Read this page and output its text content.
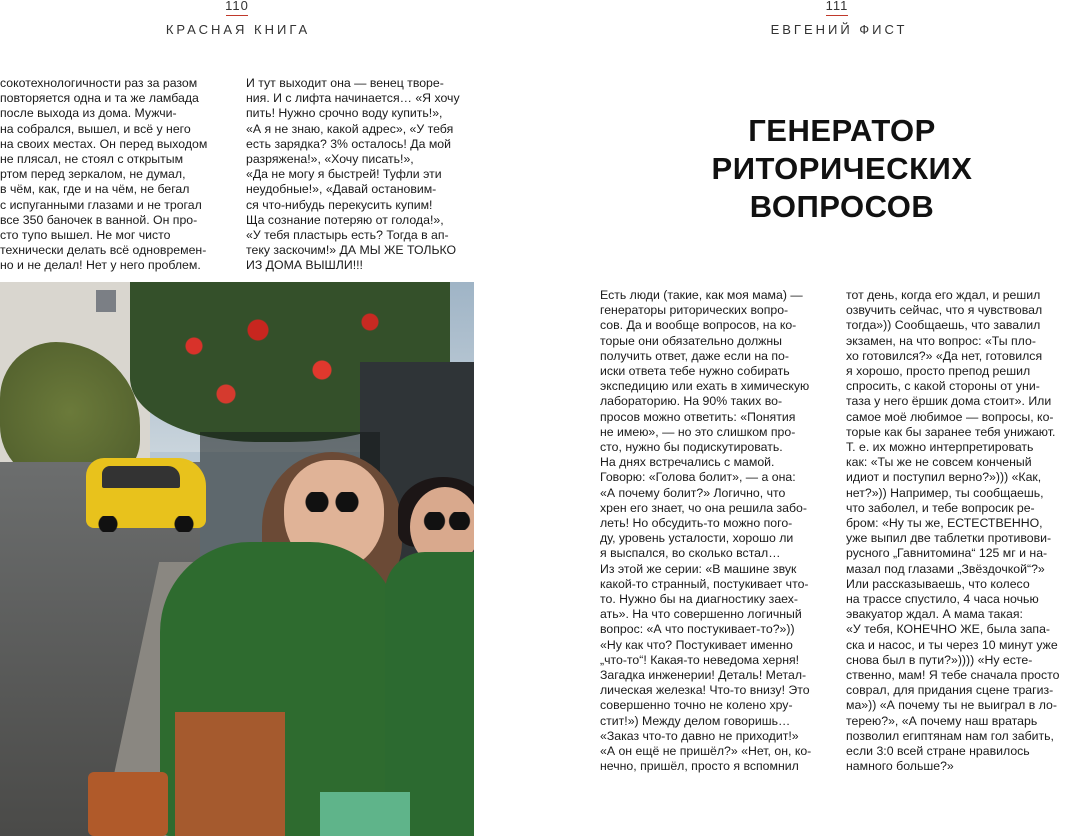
110
КРАСНАЯ КНИГА
сокотехнологичности раз за разом
повторяется одна и та же ламбада
после выхода из дома. Мужчи-
на собрался, вышел, и всё у него
на своих местах. Он перед выходом
не плясал, не стоял с открытым
ртом перед зеркалом, не думал,
в чём, как, где и на чём, не бегал
с испуганными глазами и не трогал
все 350 баночек в ванной. Он про-
сто тупо вышел. Не мог чисто
технически делать всё одновремен-
но и не делал! Нет у него проблем.
И тут выходит она — венец творе-
ния. И с лифта начинается… «Я хочу
пить! Нужно срочно воду купить!»,
«А я не знаю, какой адрес», «У тебя
есть зарядка? 3% осталось! Да мой
разряжена!», «Хочу писать!»,
«Да не могу я быстрей! Туфли эти
неудобные!», «Давай остановим-
ся что-нибудь перекусить купим!
Ща сознание потеряю от голода!»,
«У тебя пластырь есть? Тогда в ап-
теку заскочим!» ДА МЫ ЖЕ ТОЛЬКО
ИЗ ДОМА ВЫШЛИ!!!
111
ЕВГЕНИЙ ФИСТ
ГЕНЕРАТОР
РИТОРИЧЕСКИХ
ВОПРОСОВ
Есть люди (такие, как моя мама) —
генераторы риторических вопро-
сов. Да и вообще вопросов, на ко-
торые они обязательно должны
получить ответ, даже если на по-
иски ответа тебе нужно собирать
экспедицию или ехать в химическую
лабораторию. На 90% таких во-
просов можно ответить: «Понятия
не имею», — но это слишком про-
сто, нужно бы подискутировать.
На днях встречались с мамой.
Говорю: «Голова болит», — а она:
«А почему болит?» Логично, что
хрен его знает, чо она решила забо-
леть! Но обсудить-то можно пого-
ду, уровень усталости, хорошо ли
я выспался, во сколько встал…
Из этой же серии: «В машине звук
какой-то странный, постукивает что-
то. Нужно бы на диагностику заех-
ать». На что совершенно логичный
вопрос: «А что постукивает-то?»))
«Ну как что? Постукивает именно
„что-то“! Какая-то неведома херня!
Загадка инженерии! Деталь! Метал-
лическая железка! Что-то внизу! Это
совершенно точно не колено хру-
стит!») Между делом говоришь…
«Заказ что-то давно не приходит!»
«А он ещё не пришёл?» «Нет, он, ко-
нечно, пришёл, просто я вспомнил
тот день, когда его ждал, и решил
озвучить сейчас, что я чувствовал
тогда»)) Сообщаешь, что завалил
экзамен, на что вопрос: «Ты пло-
хо готовился?» «Да нет, готовился
я хорошо, просто препод решил
спросить, с какой стороны от уни-
таза у него ёршик дома стоит». Или
самое моё любимое — вопросы, ко-
торые как бы заранее тебя унижают.
Т. е. их можно интерпретировать
как: «Ты же не совсем конченый
идиот и поступил верно?»))) «Как,
нет?»)) Например, ты сообщаешь,
что заболел, и тебе вопросик ре-
бром: «Ну ты же, ЕСТЕСТВЕННО,
уже выпил две таблетки противови-
русного „Гавнитомина“ 125 мг и на-
мазал под глазами „Звёздочкой“?»
Или рассказываешь, что колесо
на трассе спустило, 4 часа ночью
эвакуатор ждал. А мама такая:
«У тебя, КОНЕЧНО ЖЕ, была запа-
ска и насос, и ты через 10 минут уже
снова был в пути?»)))) «Ну есте-
ственно, мам! Я тебе сначала просто
соврал, для придания сцене трагиз-
ма»)) «А почему ты не выиграл в ло-
терею?», «А почему наш вратарь
позволил египтянам нам гол забить,
если 3:0 всей стране нравилось
намного больше?»
